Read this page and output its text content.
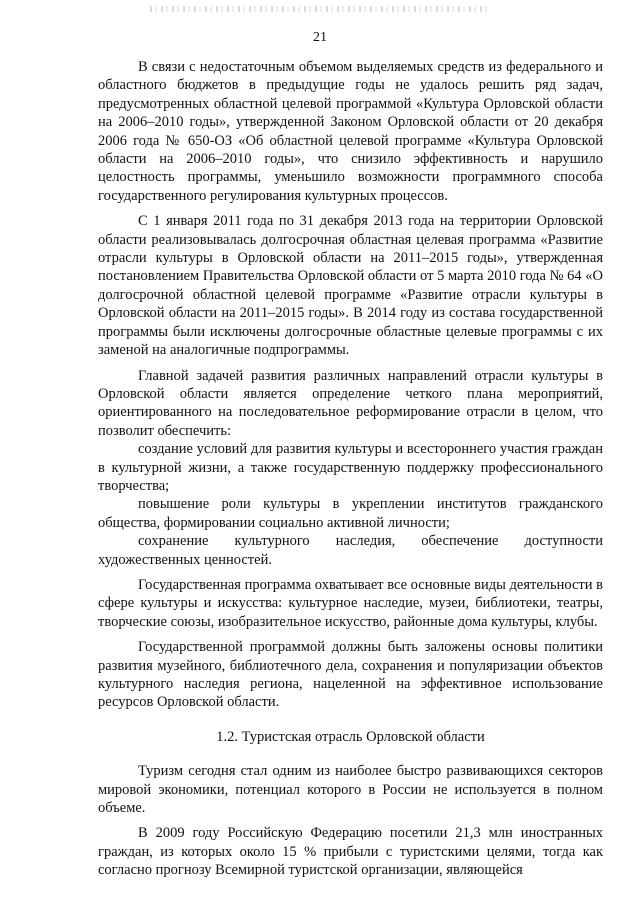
21

В связи с недостаточным объемом выделяемых средств из федерального и областного бюджетов в предыдущие годы не удалось решить ряд задач, предусмотренных областной целевой программой «Культура Орловской области на 2006–2010 годы», утвержденной Законом Орловской области от 20 декабря 2006 года № 650-ОЗ «Об областной целевой программе «Культура Орловской области на 2006–2010 годы», что снизило эффективность и нарушило целостность программы, уменьшило возможности программного способа государственного регулирования культурных процессов.

С 1 января 2011 года по 31 декабря 2013 года на территории Орловской области реализовывалась долгосрочная областная целевая программа «Развитие отрасли культуры в Орловской области на 2011–2015 годы», утвержденная постановлением Правительства Орловской области от 5 марта 2010 года № 64 «О долгосрочной областной целевой программе «Развитие отрасли культуры в Орловской области на 2011–2015 годы». В 2014 году из состава государственной программы были исключены долгосрочные областные целевые программы с их заменой на аналогичные подпрограммы.

Главной задачей развития различных направлений отрасли культуры в Орловской области является определение четкого плана мероприятий, ориентированного на последовательное реформирование отрасли в целом, что позволит обеспечить:

создание условий для развития культуры и всестороннего участия граждан в культурной жизни, а также государственную поддержку профессионального творчества;

повышение роли культуры в укреплении институтов гражданского общества, формировании социально активной личности;

сохранение культурного наследия, обеспечение доступности художественных ценностей.

Государственная программа охватывает все основные виды деятельности в сфере культуры и искусства: культурное наследие, музеи, библиотеки, театры, творческие союзы, изобразительное искусство, районные дома культуры, клубы.

Государственной программой должны быть заложены основы политики развития музейного, библиотечного дела, сохранения и популяризации объектов культурного наследия региона, нацеленной на эффективное использование ресурсов Орловской области.

1.2. Туристская отрасль Орловской области

Туризм сегодня стал одним из наиболее быстро развивающихся секторов мировой экономики, потенциал которого в России не используется в полном объеме.

В 2009 году Российскую Федерацию посетили 21,3 млн иностранных граждан, из которых около 15 % прибыли с туристскими целями, тогда как согласно прогнозу Всемирной туристской организации, являющейся
